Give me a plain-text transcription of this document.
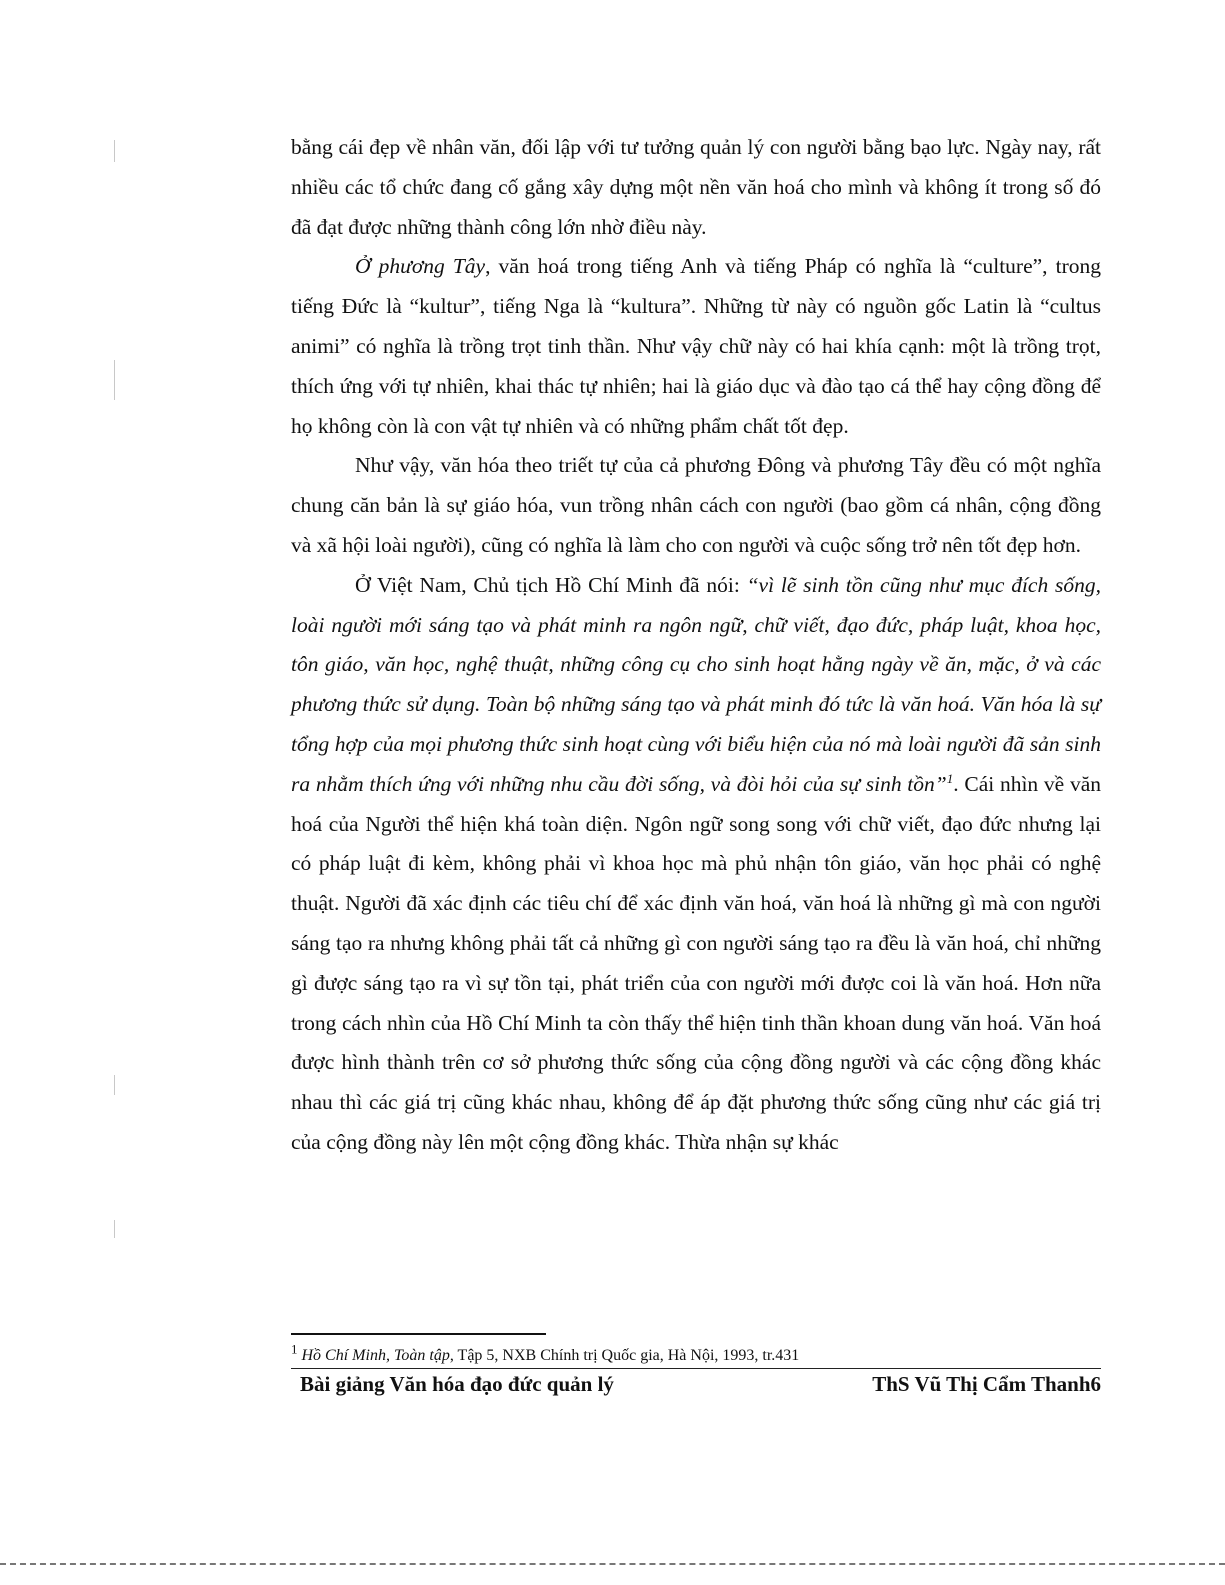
bằng cái đẹp về nhân văn, đối lập với tư tưởng quản lý con người bằng bạo lực. Ngày nay, rất nhiều các tổ chức đang cố gắng xây dựng một nền văn hoá cho mình và không ít trong số đó đã đạt được những thành công lớn nhờ điều này.

Ở phương Tây, văn hoá trong tiếng Anh và tiếng Pháp có nghĩa là “culture”, trong tiếng Đức là “kultur”, tiếng Nga là “kultura”. Những từ này có nguồn gốc Latin là “cultus animi” có nghĩa là trồng trọt tinh thần. Như vậy chữ này có hai khía cạnh: một là trồng trọt, thích ứng với tự nhiên, khai thác tự nhiên; hai là giáo dục và đào tạo cá thể hay cộng đồng để họ không còn là con vật tự nhiên và có những phẩm chất tốt đẹp.

Như vậy, văn hóa theo triết tự của cả phương Đông và phương Tây đều có một nghĩa chung căn bản là sự giáo hóa, vun trồng nhân cách con người (bao gồm cá nhân, cộng đồng và xã hội loài người), cũng có nghĩa là làm cho con người và cuộc sống trở nên tốt đẹp hơn.

Ở Việt Nam, Chủ tịch Hồ Chí Minh đã nói: “vì lẽ sinh tồn cũng như mục đích sống, loài người mới sáng tạo và phát minh ra ngôn ngữ, chữ viết, đạo đức, pháp luật, khoa học, tôn giáo, văn học, nghệ thuật, những công cụ cho sinh hoạt hằng ngày về ăn, mặc, ở và các phương thức sử dụng. Toàn bộ những sáng tạo và phát minh đó tức là văn hoá. Văn hóa là sự tổng hợp của mọi phương thức sinh hoạt cùng với biểu hiện của nó mà loài người đã sản sinh ra nhằm thích ứng với những nhu cầu đời sống, và đòi hỏi của sự sinh tồn”$^1$. Cái nhìn về văn hoá của Người thể hiện khá toàn diện. Ngôn ngữ song song với chữ viết, đạo đức nhưng lại có pháp luật đi kèm, không phải vì khoa học mà phủ nhận tôn giáo, văn học phải có nghệ thuật. Người đã xác định các tiêu chí để xác định văn hoá, văn hoá là những gì mà con người sáng tạo ra nhưng không phải tất cả những gì con người sáng tạo ra đều là văn hoá, chỉ những gì được sáng tạo ra vì sự tồn tại, phát triển của con người mới được coi là văn hoá. Hơn nữa trong cách nhìn của Hồ Chí Minh ta còn thấy thể hiện tinh thần khoan dung văn hoá. Văn hoá được hình thành trên cơ sở phương thức sống của cộng đồng người và các cộng đồng khác nhau thì các giá trị cũng khác nhau, không để áp đặt phương thức sống cũng như các giá trị của cộng đồng này lên một cộng đồng khác. Thừa nhận sự khác

$^1$ Hồ Chí Minh, Toàn tập, Tập 5, NXB Chính trị Quốc gia, Hà Nội, 1993, tr.431
Bài giảng Văn hóa đạo đức quản lý	ThS Vũ Thị Cẩm Thanh6
